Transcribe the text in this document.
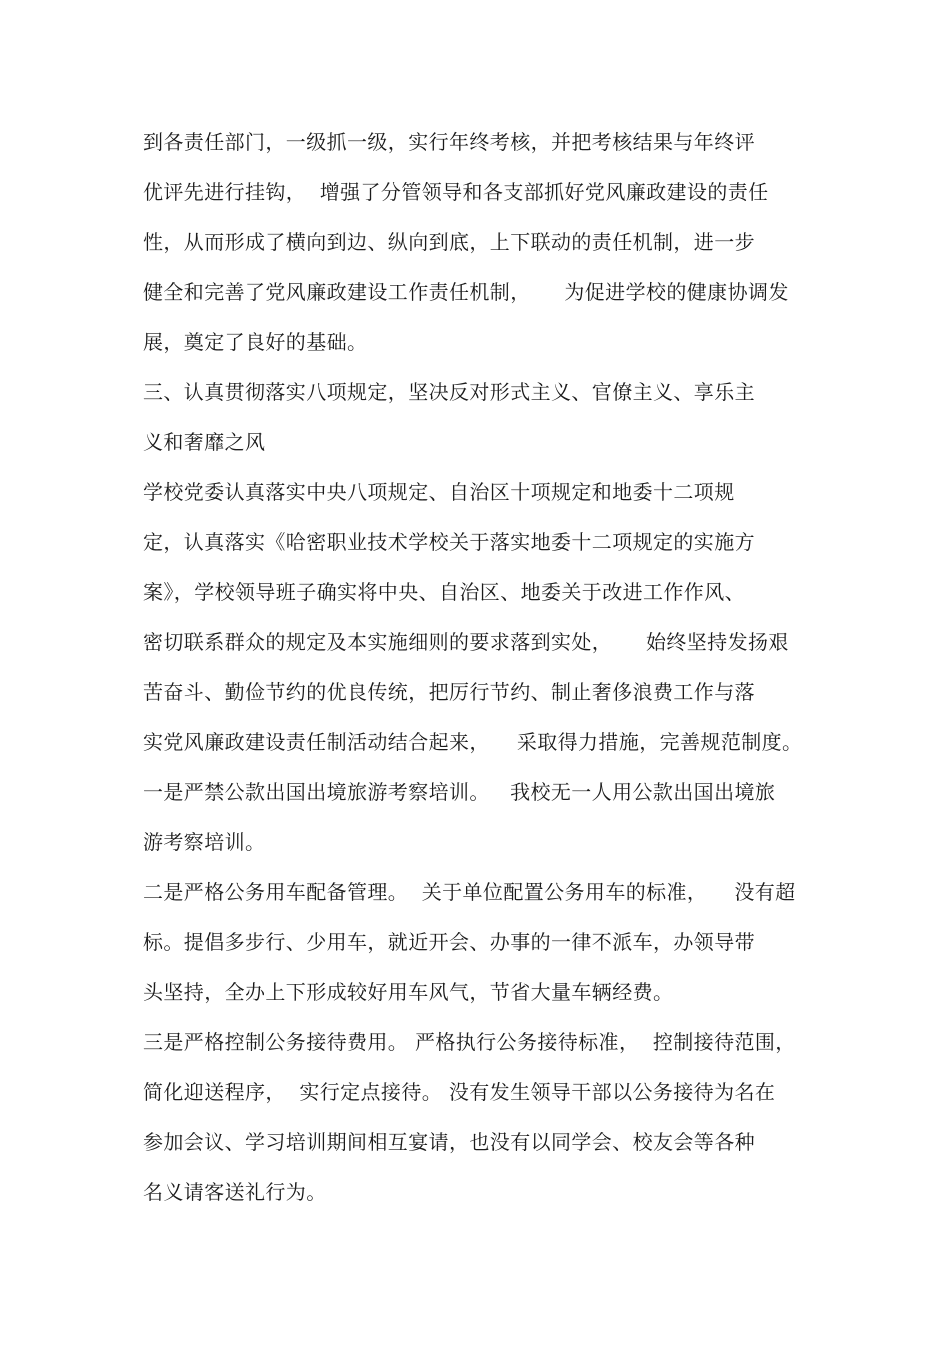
到各责任部门，一级抓一级，实行年终考核，并把考核结果与年终评
优评先进行挂钩，  增强了分管领导和各支部抓好党风廉政建设的责任
性，从而形成了横向到边、纵向到底，上下联动的责任机制，进一步
健全和完善了党风廉政建设工作责任机制，     为促进学校的健康协调发
展，奠定了良好的基础。
三、认真贯彻落实八项规定，坚决反对形式主义、官僚主义、享乐主
义和奢靡之风
学校党委认真落实中央八项规定、自治区十项规定和地委十二项规
定，认真落实《哈密职业技术学校关于落实地委十二项规定的实施方
案》，学校领导班子确实将中央、自治区、地委关于改进工作作风、
密切联系群众的规定及本实施细则的要求落到实处，     始终坚持发扬艰
苦奋斗、勤俭节约的优良传统，把厉行节约、制止奢侈浪费工作与落
实党风廉政建设责任制活动结合起来，    采取得力措施，完善规范制度。
一是严禁公款出国出境旅游考察培训。   我校无一人用公款出国出境旅
游考察培训。
二是严格公务用车配备管理。  关于单位配置公务用车的标准，    没有超
标。提倡多步行、少用车，就近开会、办事的一律不派车，办领导带
头坚持，全办上下形成较好用车风气，节省大量车辆经费。
三是严格控制公务接待费用。 严格执行公务接待标准，  控制接待范围，
简化迎送程序，  实行定点接待。 没有发生领导干部以公务接待为名在
参加会议、学习培训期间相互宴请，也没有以同学会、校友会等各种
名义请客送礼行为。
